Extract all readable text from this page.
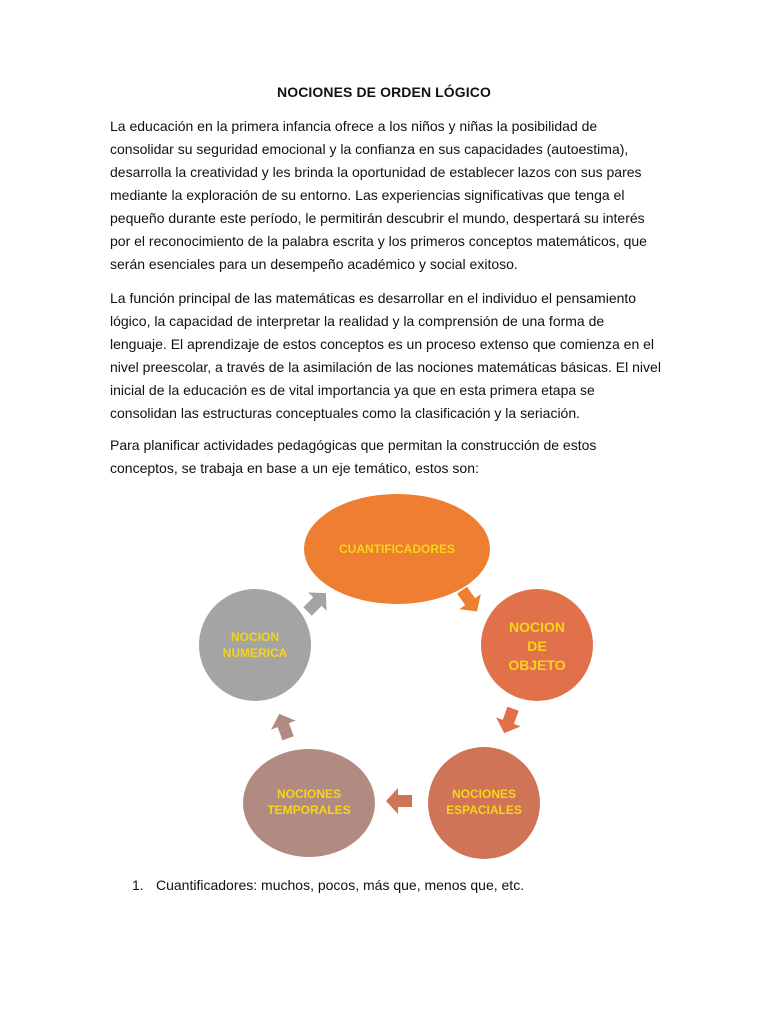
NOCIONES DE ORDEN LÓGICO

La educación en la primera infancia ofrece a los niños y niñas la posibilidad de consolidar su seguridad emocional y la confianza en sus capacidades (autoestima), desarrolla la creatividad y les brinda la oportunidad de establecer lazos con sus pares mediante la exploración de su entorno. Las experiencias significativas que tenga el pequeño durante este período, le permitirán descubrir el mundo, despertará su interés por el reconocimiento de la palabra escrita y los primeros conceptos matemáticos, que serán esenciales para un desempeño académico y social exitoso.

La función principal de las matemáticas es desarrollar en el individuo el pensamiento lógico, la capacidad de interpretar la realidad y la comprensión de una forma de lenguaje. El aprendizaje de estos conceptos es un proceso extenso que comienza en el nivel preescolar, a través de la asimilación de las nociones matemáticas básicas. El nivel inicial de la educación es de vital importancia ya que en esta primera etapa se consolidan las estructuras conceptuales como la clasificación y la seriación.

Para planificar actividades pedagógicas que permitan la construcción de estos conceptos, se trabaja en base a un eje temático, estos son:

CUANTIFICADORES
NOCION
DE
OBJETO
NOCIONES
ESPACIALES
NOCIONES
TEMPORALES
NOCION
NUMERICA
1. Cuantificadores: muchos, pocos, más que, menos que, etc.
